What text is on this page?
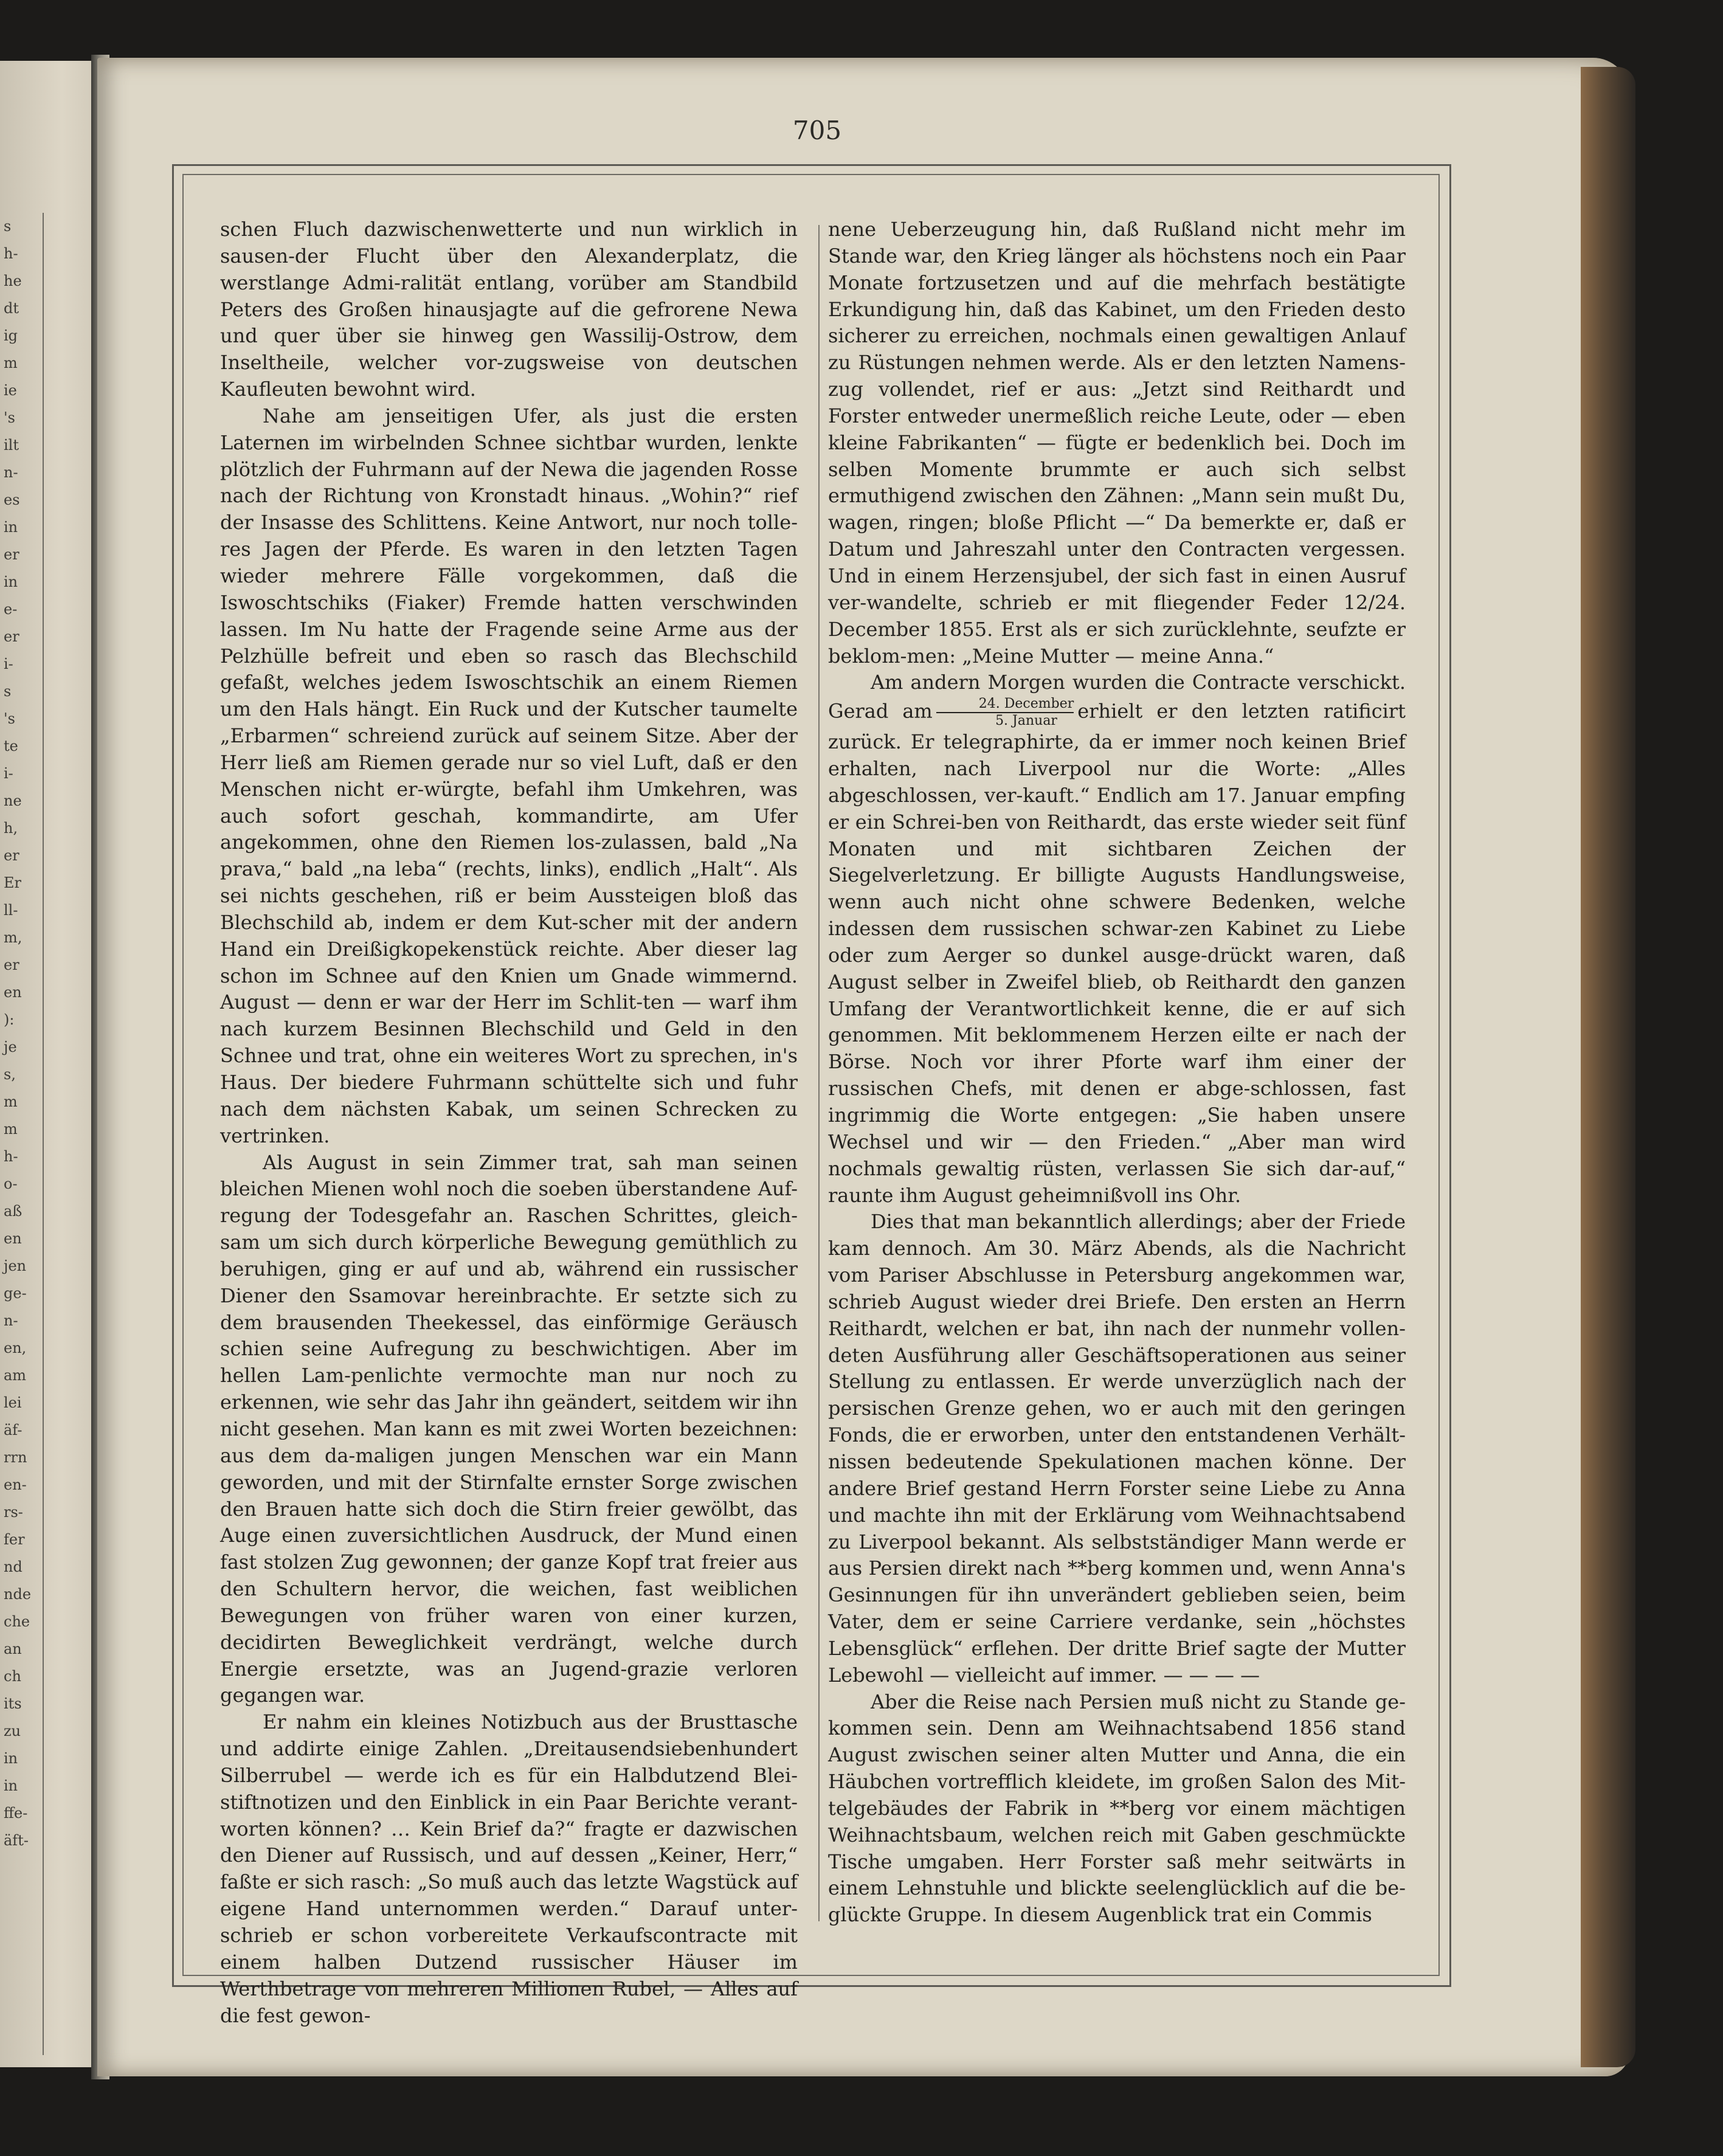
s
h-
he
dt
ig
m
ie
's
ilt
n-
es
in
er
in
e-
er
i-
s
's
te
i-
ne
h,
er
Er
ll-
m,
er
en
):
je
s,
m
m
h-
o-
aß
en
jen
ge-
n-
en,
am
lei
äf-
rrn
en-
rs-
fer
nd
nde
che
an
ch
its
zu
in
in
ffe-
äft-
705

schen Fluch dazwischenwetterte und nun wirklich in sausen-der Flucht über den Alexanderplatz, die werstlange Admi-ralität entlang, vorüber am Standbild Peters des Großen hinausjagte auf die gefrorene Newa und quer über sie hinweg gen Wassilij-Ostrow, dem Inseltheile, welcher vor-zugsweise von deutschen Kaufleuten bewohnt wird.

Nahe am jenseitigen Ufer, als just die ersten Laternen im wirbelnden Schnee sichtbar wurden, lenkte plötzlich der Fuhrmann auf der Newa die jagenden Rosse nach der Richtung von Kronstadt hinaus. „Wohin?“ rief der Insasse des Schlittens. Keine Antwort, nur noch tolle-res Jagen der Pferde. Es waren in den letzten Tagen wieder mehrere Fälle vorgekommen, daß die Iswoschtschiks (Fiaker) Fremde hatten verschwinden lassen. Im Nu hatte der Fragende seine Arme aus der Pelzhülle befreit und eben so rasch das Blechschild gefaßt, welches jedem Iswoschtschik an einem Riemen um den Hals hängt. Ein Ruck und der Kutscher taumelte „Erbarmen“ schreiend zurück auf seinem Sitze. Aber der Herr ließ am Riemen gerade nur so viel Luft, daß er den Menschen nicht er-würgte, befahl ihm Umkehren, was auch sofort geschah, kommandirte, am Ufer angekommen, ohne den Riemen los-zulassen, bald „Na prava,“ bald „na leba“ (rechts, links), endlich „Halt“. Als sei nichts geschehen, riß er beim Aussteigen bloß das Blechschild ab, indem er dem Kut-scher mit der andern Hand ein Dreißigkopekenstück reichte. Aber dieser lag schon im Schnee auf den Knien um Gnade wimmernd. August — denn er war der Herr im Schlit-ten — warf ihm nach kurzem Besinnen Blechschild und Geld in den Schnee und trat, ohne ein weiteres Wort zu sprechen, in's Haus. Der biedere Fuhrmann schüttelte sich und fuhr nach dem nächsten Kabak, um seinen Schrecken zu vertrinken.

Als August in sein Zimmer trat, sah man seinen bleichen Mienen wohl noch die soeben überstandene Auf-regung der Todesgefahr an. Raschen Schrittes, gleich-sam um sich durch körperliche Bewegung gemüthlich zu beruhigen, ging er auf und ab, während ein russischer Diener den Ssamovar hereinbrachte. Er setzte sich zu dem brausenden Theekessel, das einförmige Geräusch schien seine Aufregung zu beschwichtigen. Aber im hellen Lam-penlichte vermochte man nur noch zu erkennen, wie sehr das Jahr ihn geändert, seitdem wir ihn nicht gesehen. Man kann es mit zwei Worten bezeichnen: aus dem da-maligen jungen Menschen war ein Mann geworden, und mit der Stirnfalte ernster Sorge zwischen den Brauen hatte sich doch die Stirn freier gewölbt, das Auge einen zuversichtlichen Ausdruck, der Mund einen fast stolzen Zug gewonnen; der ganze Kopf trat freier aus den Schultern hervor, die weichen, fast weiblichen Bewegungen von früher waren von einer kurzen, decidirten Beweglichkeit verdrängt, welche durch Energie ersetzte, was an Jugend-grazie verloren gegangen war.

Er nahm ein kleines Notizbuch aus der Brusttasche und addirte einige Zahlen. „Dreitausendsiebenhundert Silberrubel — werde ich es für ein Halbdutzend Blei-stiftnotizen und den Einblick in ein Paar Berichte verant-worten können? … Kein Brief da?“ fragte er dazwischen den Diener auf Russisch, und auf dessen „Keiner, Herr,“ faßte er sich rasch: „So muß auch das letzte Wagstück auf eigene Hand unternommen werden.“ Darauf unter-schrieb er schon vorbereitete Verkaufscontracte mit einem halben Dutzend russischer Häuser im Werthbetrage von mehreren Millionen Rubel, — Alles auf die fest gewon-

nene Ueberzeugung hin, daß Rußland nicht mehr im Stande war, den Krieg länger als höchstens noch ein Paar Monate fortzusetzen und auf die mehrfach bestätigte Erkundigung hin, daß das Kabinet, um den Frieden desto sicherer zu erreichen, nochmals einen gewaltigen Anlauf zu Rüstungen nehmen werde. Als er den letzten Namens-zug vollendet, rief er aus: „Jetzt sind Reithardt und Forster entweder unermeßlich reiche Leute, oder — eben kleine Fabrikanten“ — fügte er bedenklich bei. Doch im selben Momente brummte er auch sich selbst ermuthigend zwischen den Zähnen: „Mann sein mußt Du, wagen, ringen; bloße Pflicht —“ Da bemerkte er, daß er Datum und Jahreszahl unter den Contracten vergessen. Und in einem Herzensjubel, der sich fast in einen Ausruf ver-wandelte, schrieb er mit fliegender Feder 12/24. December 1855. Erst als er sich zurücklehnte, seufzte er beklom-men: „Meine Mutter — meine Anna.“

Am andern Morgen wurden die Contracte verschickt. Gerad am $\frac{\text{24. December}}{\text{5. Januar}}$ erhielt er den letzten ratificirt zurück. Er telegraphirte, da er immer noch keinen Brief erhalten, nach Liverpool nur die Worte: „Alles abgeschlossen, ver-kauft.“ Endlich am 17. Januar empfing er ein Schrei-ben von Reithardt, das erste wieder seit fünf Monaten und mit sichtbaren Zeichen der Siegelverletzung. Er billigte Augusts Handlungsweise, wenn auch nicht ohne schwere Bedenken, welche indessen dem russischen schwar-zen Kabinet zu Liebe oder zum Aerger so dunkel ausge-drückt waren, daß August selber in Zweifel blieb, ob Reithardt den ganzen Umfang der Verantwortlichkeit kenne, die er auf sich genommen. Mit beklommenem Herzen eilte er nach der Börse. Noch vor ihrer Pforte warf ihm einer der russischen Chefs, mit denen er abge-schlossen, fast ingrimmig die Worte entgegen: „Sie haben unsere Wechsel und wir — den Frieden.“ „Aber man wird nochmals gewaltig rüsten, verlassen Sie sich dar-auf,“ raunte ihm August geheimnißvoll ins Ohr.

Dies that man bekanntlich allerdings; aber der Friede kam dennoch. Am 30. März Abends, als die Nachricht vom Pariser Abschlusse in Petersburg angekommen war, schrieb August wieder drei Briefe. Den ersten an Herrn Reithardt, welchen er bat, ihn nach der nunmehr vollen-deten Ausführung aller Geschäftsoperationen aus seiner Stellung zu entlassen. Er werde unverzüglich nach der persischen Grenze gehen, wo er auch mit den geringen Fonds, die er erworben, unter den entstandenen Verhält-nissen bedeutende Spekulationen machen könne. Der andere Brief gestand Herrn Forster seine Liebe zu Anna und machte ihn mit der Erklärung vom Weihnachtsabend zu Liverpool bekannt. Als selbstständiger Mann werde er aus Persien direkt nach **berg kommen und, wenn Anna's Gesinnungen für ihn unverändert geblieben seien, beim Vater, dem er seine Carriere verdanke, sein „höchstes Lebensglück“ erflehen. Der dritte Brief sagte der Mutter Lebewohl — vielleicht auf immer. — — — —

Aber die Reise nach Persien muß nicht zu Stande ge-kommen sein. Denn am Weihnachtsabend 1856 stand August zwischen seiner alten Mutter und Anna, die ein Häubchen vortrefflich kleidete, im großen Salon des Mit-telgebäudes der Fabrik in **berg vor einem mächtigen Weihnachtsbaum, welchen reich mit Gaben geschmückte Tische umgaben. Herr Forster saß mehr seitwärts in einem Lehnstuhle und blickte seelenglücklich auf die be-glückte Gruppe. In diesem Augenblick trat ein Commis
